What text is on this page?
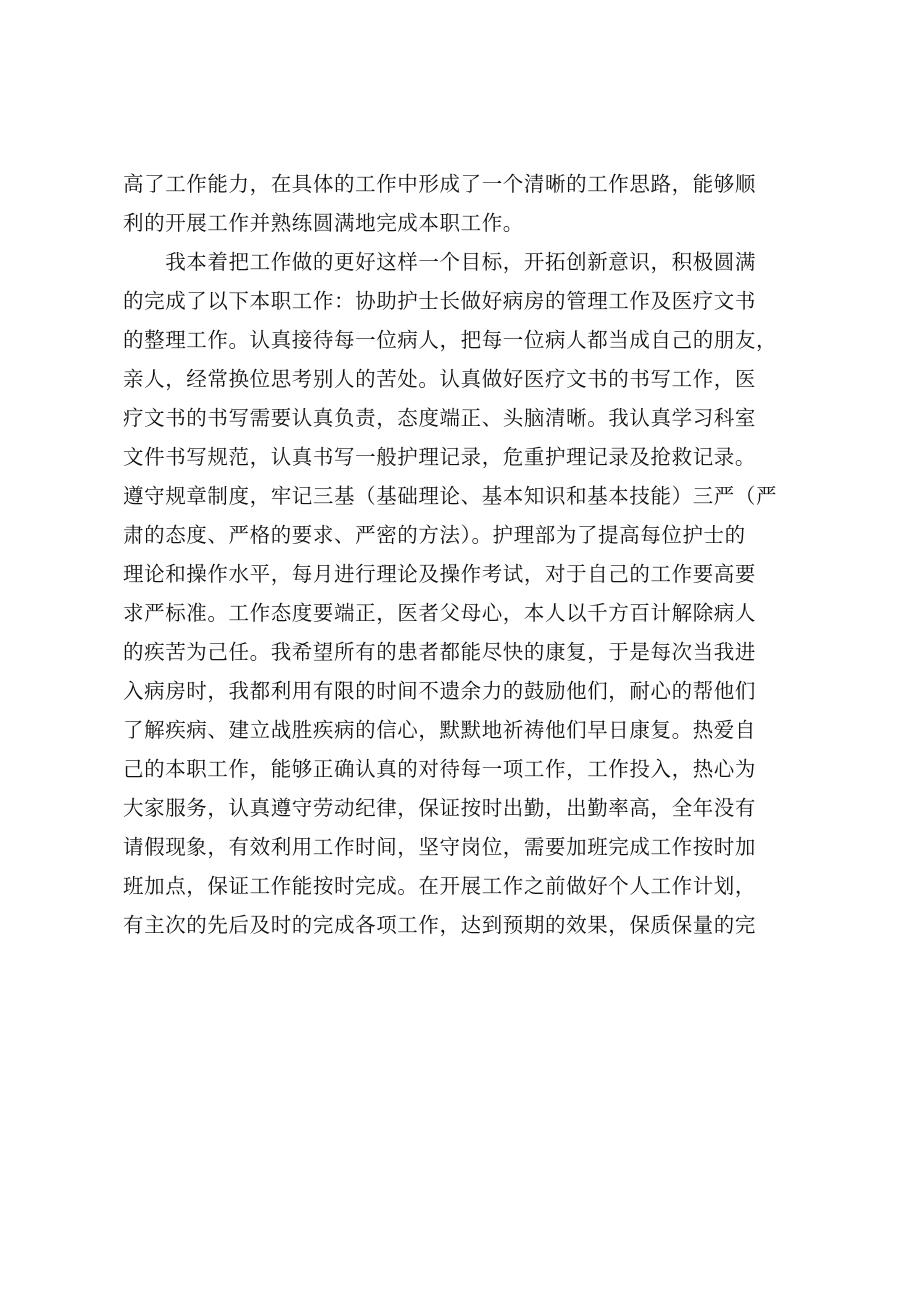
高了工作能力，在具体的工作中形成了一个清晰的工作思路，能够顺
利的开展工作并熟练圆满地完成本职工作。
　　我本着把工作做的更好这样一个目标，开拓创新意识，积极圆满
的完成了以下本职工作：协助护士长做好病房的管理工作及医疗文书
的整理工作。认真接待每一位病人，把每一位病人都当成自己的朋友，
亲人，经常换位思考别人的苦处。认真做好医疗文书的书写工作，医
疗文书的书写需要认真负责，态度端正、头脑清晰。我认真学习科室
文件书写规范，认真书写一般护理记录，危重护理记录及抢救记录。
遵守规章制度，牢记三基（基础理论、基本知识和基本技能）三严（严
肃的态度、严格的要求、严密的方法）。护理部为了提高每位护士的
理论和操作水平，每月进行理论及操作考试，对于自己的工作要高要
求严标准。工作态度要端正，医者父母心，本人以千方百计解除病人
的疾苦为己任。我希望所有的患者都能尽快的康复，于是每次当我进
入病房时，我都利用有限的时间不遗余力的鼓励他们，耐心的帮他们
了解疾病、建立战胜疾病的信心，默默地祈祷他们早日康复。热爱自
己的本职工作，能够正确认真的对待每一项工作，工作投入，热心为
大家服务，认真遵守劳动纪律，保证按时出勤，出勤率高，全年没有
请假现象，有效利用工作时间，坚守岗位，需要加班完成工作按时加
班加点，保证工作能按时完成。在开展工作之前做好个人工作计划，
有主次的先后及时的完成各项工作，达到预期的效果，保质保量的完
